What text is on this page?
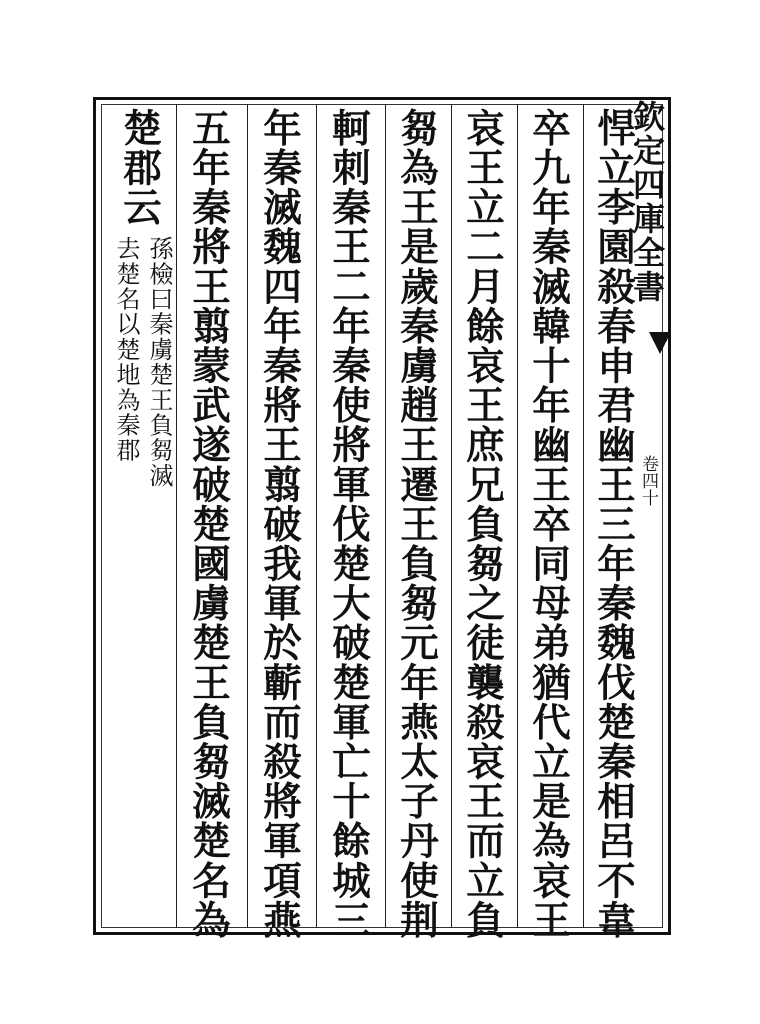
欽定四庫全書
卷四十
悍立李園殺春申君幽王三年秦魏伐楚秦相呂不韋
卒九年秦滅韓十年幽王卒同母弟猶代立是為哀王
哀王立二月餘哀王庶兄負芻之徒襲殺哀王而立負
芻為王是歲秦虜趙王遷王負芻元年燕太子丹使荆
軻刺秦王二年秦使將軍伐楚大破楚軍亡十餘城三
年秦滅魏四年秦將王翦破我軍於蘄而殺將軍項燕
五年秦將王翦蒙武遂破楚國虜楚王負芻滅楚名為
楚郡云
孫檢曰秦虜楚王負芻滅
去楚名以楚地為秦郡
